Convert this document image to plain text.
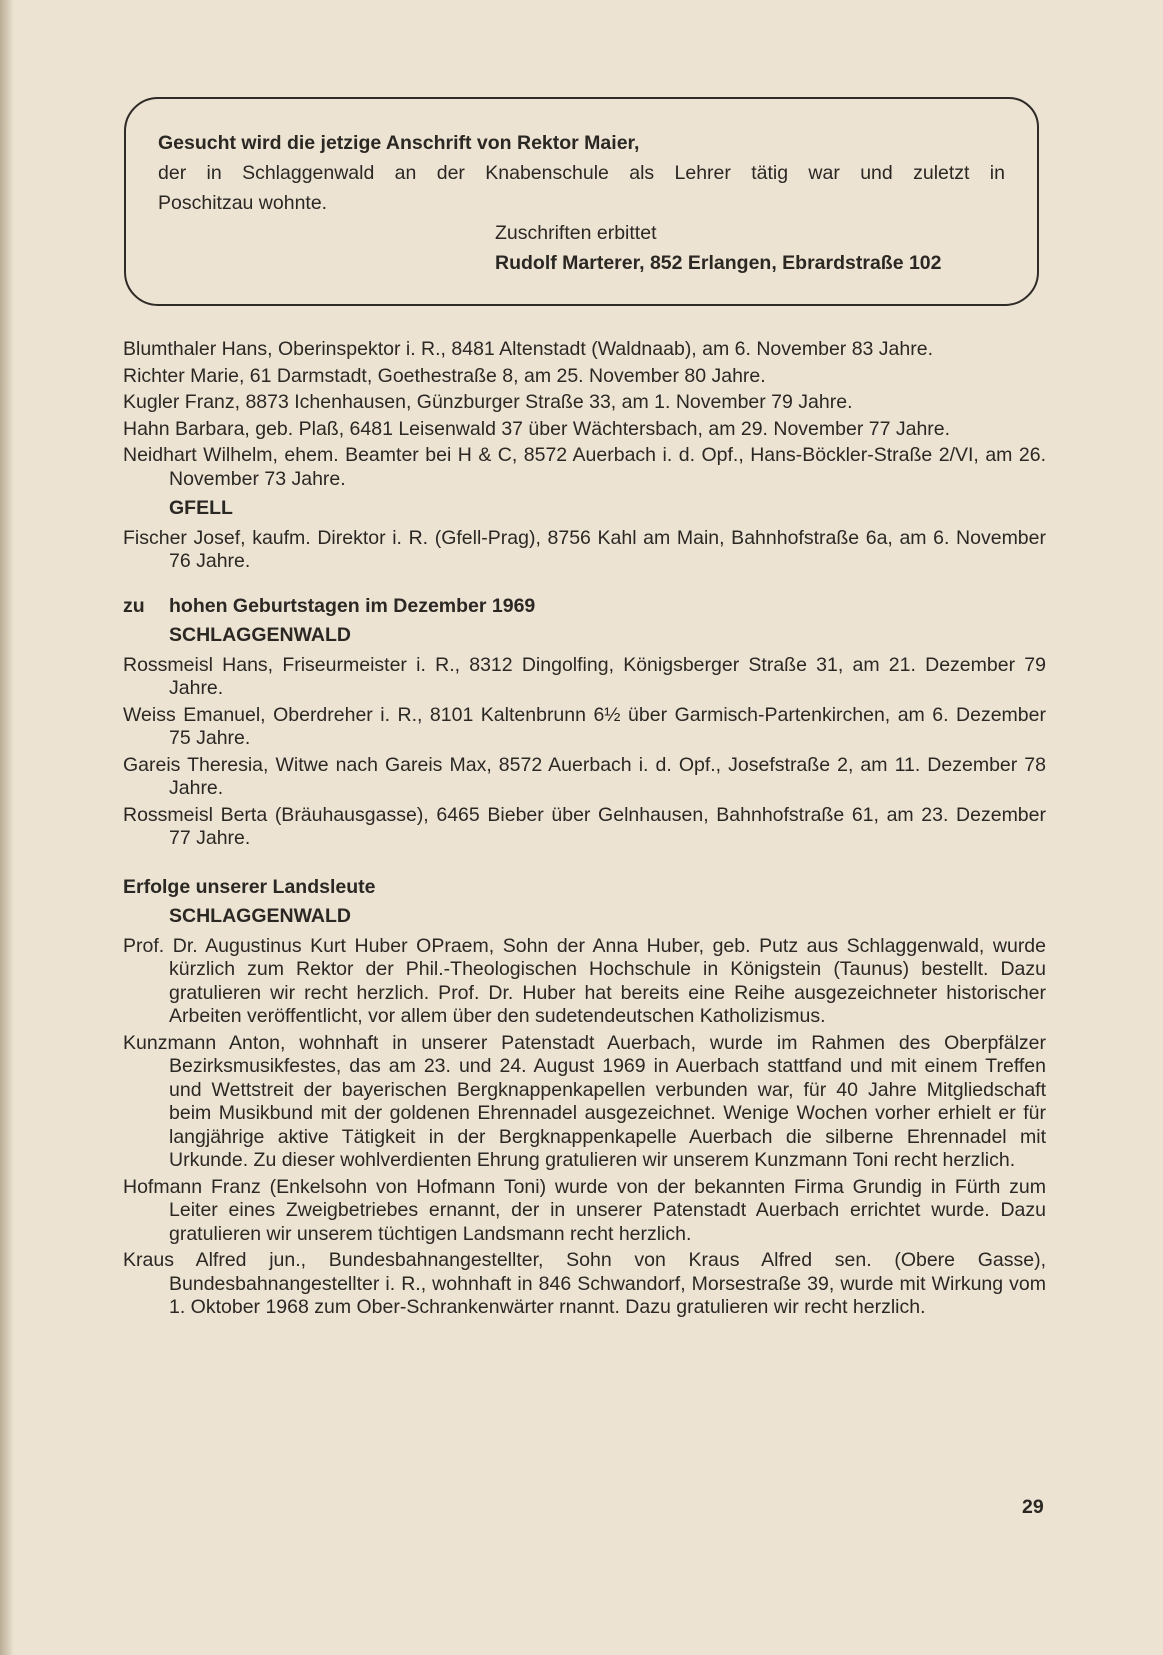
Gesucht wird die jetzige Anschrift von Rektor Maier,

der in Schlaggenwald an der Knabenschule als Lehrer tätig war und zuletzt in

Poschitzau wohnte.

Zuschriften erbittet

Rudolf Marterer, 852 Erlangen, Ebrardstraße 102

Blumthaler Hans, Oberinspektor i. R., 8481 Altenstadt (Waldnaab), am 6. November 83 Jahre.

Richter Marie, 61 Darmstadt, Goethestraße 8, am 25. November 80 Jahre.

Kugler Franz, 8873 Ichenhausen, Günzburger Straße 33, am 1. November 79 Jahre.

Hahn Barbara, geb. Plaß, 6481 Leisenwald 37 über Wächtersbach, am 29. November 77 Jahre.

Neidhart Wilhelm, ehem. Beamter bei H & C, 8572 Auerbach i. d. Opf., Hans-Böckler-Straße 2/VI, am 26. November 73 Jahre.

GFELL

Fischer Josef, kaufm. Direktor i. R. (Gfell-Prag), 8756 Kahl am Main, Bahnhofstraße 6a, am 6. November 76 Jahre.

zu hohen Geburtstagen im Dezember 1969

SCHLAGGENWALD

Rossmeisl Hans, Friseurmeister i. R., 8312 Dingolfing, Königsberger Straße 31, am 21. Dezember 79 Jahre.

Weiss Emanuel, Oberdreher i. R., 8101 Kaltenbrunn 6½ über Garmisch-Partenkirchen, am 6. Dezember 75 Jahre.

Gareis Theresia, Witwe nach Gareis Max, 8572 Auerbach i. d. Opf., Josefstraße 2, am 11. Dezember 78 Jahre.

Rossmeisl Berta (Bräuhausgasse), 6465 Bieber über Gelnhausen, Bahnhofstraße 61, am 23. Dezember 77 Jahre.

Erfolge unserer Landsleute

SCHLAGGENWALD

Prof. Dr. Augustinus Kurt Huber OPraem, Sohn der Anna Huber, geb. Putz aus Schlaggenwald, wurde kürzlich zum Rektor der Phil.-Theologischen Hochschule in Königstein (Taunus) bestellt. Dazu gratulieren wir recht herzlich. Prof. Dr. Huber hat bereits eine Reihe ausgezeichneter historischer Arbeiten veröffentlicht, vor allem über den sudetendeutschen Katholizismus.

Kunzmann Anton, wohnhaft in unserer Patenstadt Auerbach, wurde im Rahmen des Oberpfälzer Bezirksmusikfestes, das am 23. und 24. August 1969 in Auerbach stattfand und mit einem Treffen und Wettstreit der bayerischen Bergknappenkapellen verbunden war, für 40 Jahre Mitgliedschaft beim Musikbund mit der goldenen Ehrennadel ausgezeichnet. Wenige Wochen vorher erhielt er für langjährige aktive Tätigkeit in der Bergknappenkapelle Auerbach die silberne Ehrennadel mit Urkunde. Zu dieser wohlverdienten Ehrung gratulieren wir unserem Kunzmann Toni recht herzlich.

Hofmann Franz (Enkelsohn von Hofmann Toni) wurde von der bekannten Firma Grundig in Fürth zum Leiter eines Zweigbetriebes ernannt, der in unserer Patenstadt Auerbach errichtet wurde. Dazu gratulieren wir unserem tüchtigen Landsmann recht herzlich.

Kraus Alfred jun., Bundesbahnangestellter, Sohn von Kraus Alfred sen. (Obere Gasse), Bundesbahnangestellter i. R., wohnhaft in 846 Schwandorf, Morsestraße 39, wurde mit Wirkung vom 1. Oktober 1968 zum Ober-Schrankenwärter rnannt. Dazu gratulieren wir recht herzlich.

29
